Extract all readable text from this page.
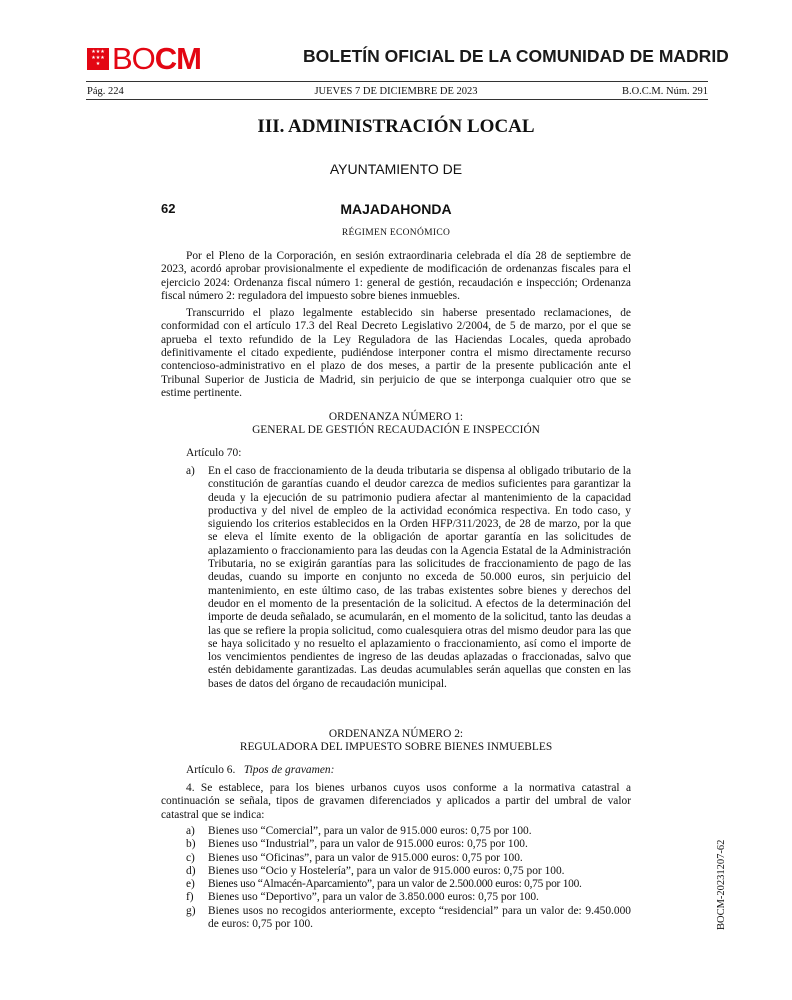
★★★
★★★
★ BOCM	BOLETÍN OFICIAL DE LA COMUNIDAD DE MADRID
Pág. 224	JUEVES 7 DE DICIEMBRE DE 2023	B.O.C.M. Núm. 291
III. ADMINISTRACIÓN LOCAL
AYUNTAMIENTO DE
62	MAJADAHONDA
RÉGIMEN ECONÓMICO

Por el Pleno de la Corporación, en sesión extraordinaria celebrada el día 28 de septiembre de 2023, acordó aprobar provisionalmente el expediente de modificación de ordenanzas fiscales para el ejercicio 2024: Ordenanza fiscal número 1: general de gestión, recaudación e inspección; Ordenanza fiscal número 2: reguladora del impuesto sobre bienes inmuebles.

Transcurrido el plazo legalmente establecido sin haberse presentado reclamaciones, de conformidad con el artículo 17.3 del Real Decreto Legislativo 2/2004, de 5 de marzo, por el que se aprueba el texto refundido de la Ley Reguladora de las Haciendas Locales, queda aprobado definitivamente el citado expediente, pudiéndose interponer contra el mismo directamente recurso contencioso-administrativo en el plazo de dos meses, a partir de la presente publicación ante el Tribunal Superior de Justicia de Madrid, sin perjuicio de que se interponga cualquier otro que se estime pertinente.

ORDENANZA NÚMERO 1:
GENERAL DE GESTIÓN RECAUDACIÓN E INSPECCIÓN
Artículo 70:
a)	En el caso de fraccionamiento de la deuda tributaria se dispensa al obligado tributario de la constitución de garantías cuando el deudor carezca de medios suficientes para garantizar la deuda y la ejecución de su patrimonio pudiera afectar al mantenimiento de la capacidad productiva y del nivel de empleo de la actividad económica respectiva. En todo caso, y siguiendo los criterios establecidos en la Orden HFP/311/2023, de 28 de marzo, por la que se eleva el límite exento de la obligación de aportar garantía en las solicitudes de aplazamiento o fraccionamiento para las deudas con la Agencia Estatal de la Administración Tributaria, no se exigirán garantías para las solicitudes de fraccionamiento de pago de las deudas, cuando su importe en conjunto no exceda de 50.000 euros, sin perjuicio del mantenimiento, en este último caso, de las trabas existentes sobre bienes y derechos del deudor en el momento de la presentación de la solicitud. A efectos de la determinación del importe de deuda señalado, se acumularán, en el momento de la solicitud, tanto las deudas a las que se refiere la propia solicitud, como cualesquiera otras del mismo deudor para las que se haya solicitado y no resuelto el aplazamiento o fraccionamiento, así como el importe de los vencimientos pendientes de ingreso de las deudas aplazadas o fraccionadas, salvo que estén debidamente garantizadas. Las deudas acumulables serán aquellas que consten en las bases de datos del órgano de recaudación municipal.
ORDENANZA NÚMERO 2:
REGULADORA DEL IMPUESTO SOBRE BIENES INMUEBLES
Artículo 6. Tipos de gravamen:

4. Se establece, para los bienes urbanos cuyos usos conforme a la normativa catastral a continuación se señala, tipos de gravamen diferenciados y aplicados a partir del umbral de valor catastral que se indica:

a)	Bienes uso “Comercial”, para un valor de 915.000 euros: 0,75 por 100.
b)	Bienes uso “Industrial”, para un valor de 915.000 euros: 0,75 por 100.
c)	Bienes uso “Oficinas”, para un valor de 915.000 euros: 0,75 por 100.
d)	Bienes uso “Ocio y Hostelería”, para un valor de 915.000 euros: 0,75 por 100.
e)	Bienes uso “Almacén-Aparcamiento”, para un valor de 2.500.000 euros: 0,75 por 100.
f)	Bienes uso “Deportivo”, para un valor de 3.850.000 euros: 0,75 por 100.
g)	Bienes usos no recogidos anteriormente, excepto “residencial” para un valor de: 9.450.000 de euros: 0,75 por 100.	BOCM-20231207-62
